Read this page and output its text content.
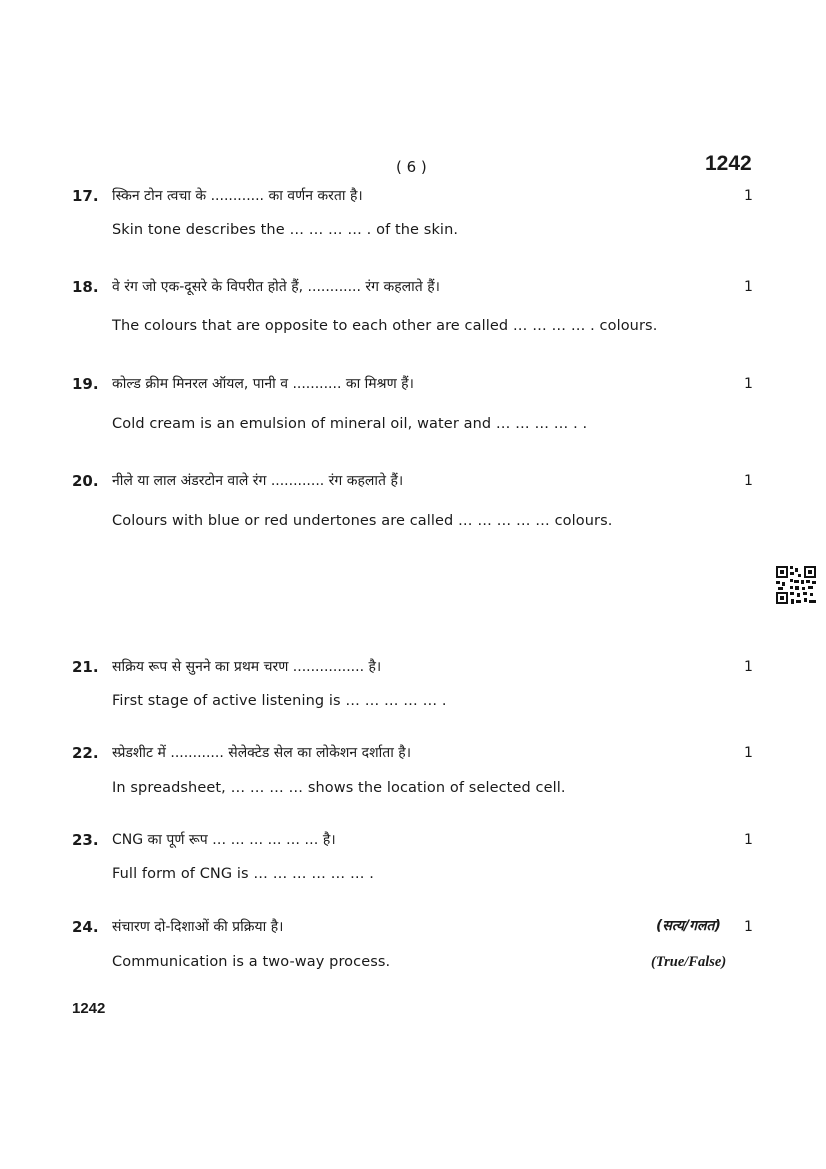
( 6 )	1242
17. स्किन टोन त्वचा के ............ का वर्णन करता है।	1
Skin tone describes the … … … … . of the skin.
18. वे रंग जो एक-दूसरे के विपरीत होते हैं, ............ रंग कहलाते हैं।	1
The colours that are opposite to each other are called … … … … . colours.
19. कोल्ड क्रीम मिनरल ऑयल, पानी व ........... का मिश्रण हैं।	1
Cold cream is an emulsion of mineral oil, water and … … … … . .
20. नीले या लाल अंडरटोन वाले रंग ............ रंग कहलाते हैं।	1
Colours with blue or red undertones are called … … … … … colours.
21. सक्रिय रूप से सुनने का प्रथम चरण ................ है।	1
First stage of active listening is … … … … … .
22. स्प्रेडशीट में ............ सेलेक्टेड सेल का लोकेशन दर्शाता है।	1
In spreadsheet, … … … … shows the location of selected cell.
23. CNG का पूर्ण रूप … … … … … … है।	1
Full form of CNG is … … … … … … .
24. संचारण दो-दिशाओं की प्रक्रिया है।	(सत्य/गलत) 1
Communication is a two-way process.	(True/False)
1242
